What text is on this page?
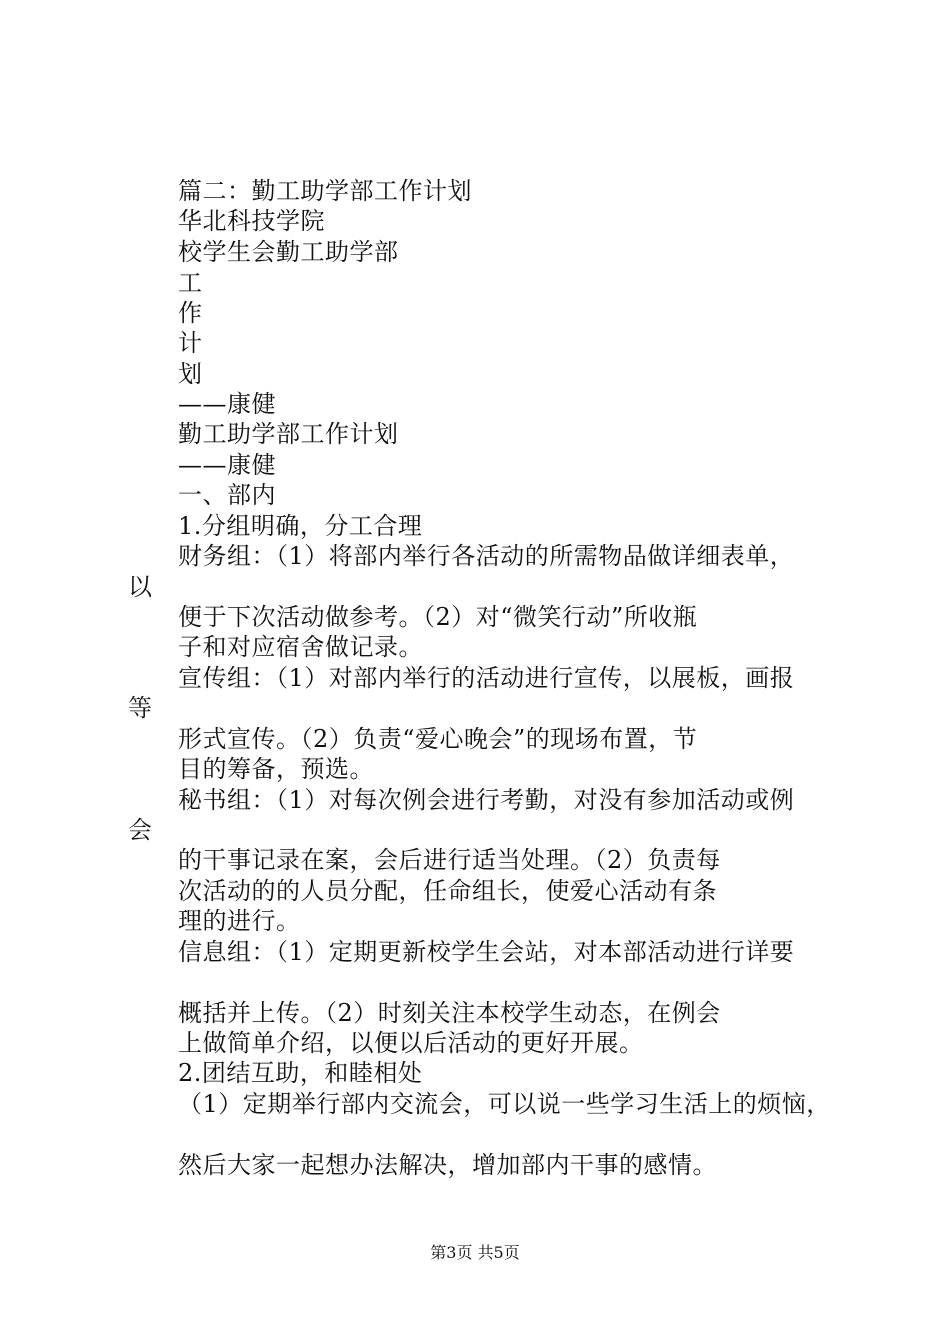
篇二：勤工助学部工作计划
华北科技学院
校学生会勤工助学部
工
作
计
划
——康健
勤工助学部工作计划
——康健
一、部内
1.分组明确，分工合理
财务组：（1）将部内举行各活动的所需物品做详细表单，
以
便于下次活动做参考。（2）对“微笑行动”所收瓶
子和对应宿舍做记录。
宣传组：（1）对部内举行的活动进行宣传，以展板，画报
等
形式宣传。（2）负责“爱心晚会”的现场布置，节
目的筹备，预选。
秘书组：（1）对每次例会进行考勤，对没有参加活动或例
会
的干事记录在案，会后进行适当处理。（2）负责每
次活动的的人员分配，任命组长，使爱心活动有条
理的进行。
信息组：（1）定期更新校学生会站，对本部活动进行详要
概括并上传。（2）时刻关注本校学生动态，在例会
上做简单介绍，以便以后活动的更好开展。
2.团结互助，和睦相处
（1）定期举行部内交流会，可以说一些学习生活上的烦恼，
然后大家一起想办法解决，增加部内干事的感情。
第3页 共5页
